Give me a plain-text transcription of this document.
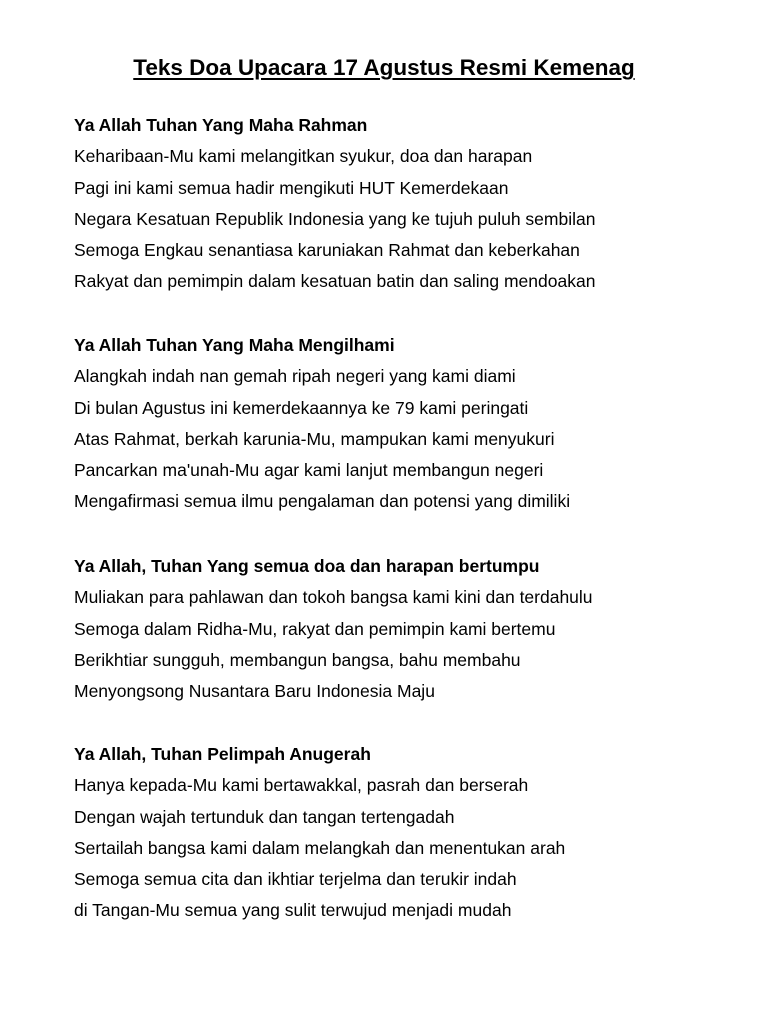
Teks Doa Upacara 17 Agustus Resmi Kemenag
Ya Allah Tuhan Yang Maha Rahman
Keharibaan-Mu kami melangitkan syukur, doa dan harapan
Pagi ini kami semua hadir mengikuti HUT Kemerdekaan
Negara Kesatuan Republik Indonesia yang ke tujuh puluh sembilan
Semoga Engkau senantiasa karuniakan Rahmat dan keberkahan
Rakyat dan pemimpin dalam kesatuan batin dan saling mendoakan
Ya Allah Tuhan Yang Maha Mengilhami
Alangkah indah nan gemah ripah negeri yang kami diami
Di bulan Agustus ini kemerdekaannya ke 79 kami peringati
Atas Rahmat, berkah karunia-Mu, mampukan kami menyukuri
Pancarkan ma'unah-Mu agar kami lanjut membangun negeri
Mengafirmasi semua ilmu pengalaman dan potensi yang dimiliki
Ya Allah, Tuhan Yang semua doa dan harapan bertumpu
Muliakan para pahlawan dan tokoh bangsa kami kini dan terdahulu
Semoga dalam Ridha-Mu, rakyat dan pemimpin kami bertemu
Berikhtiar sungguh, membangun bangsa, bahu membahu
Menyongsong Nusantara Baru Indonesia Maju
Ya Allah, Tuhan Pelimpah Anugerah
Hanya kepada-Mu kami bertawakkal, pasrah dan berserah
Dengan wajah tertunduk dan tangan tertengadah
Sertailah bangsa kami dalam melangkah dan menentukan arah
Semoga semua cita dan ikhtiar terjelma dan terukir indah
di Tangan-Mu semua yang sulit terwujud menjadi mudah
